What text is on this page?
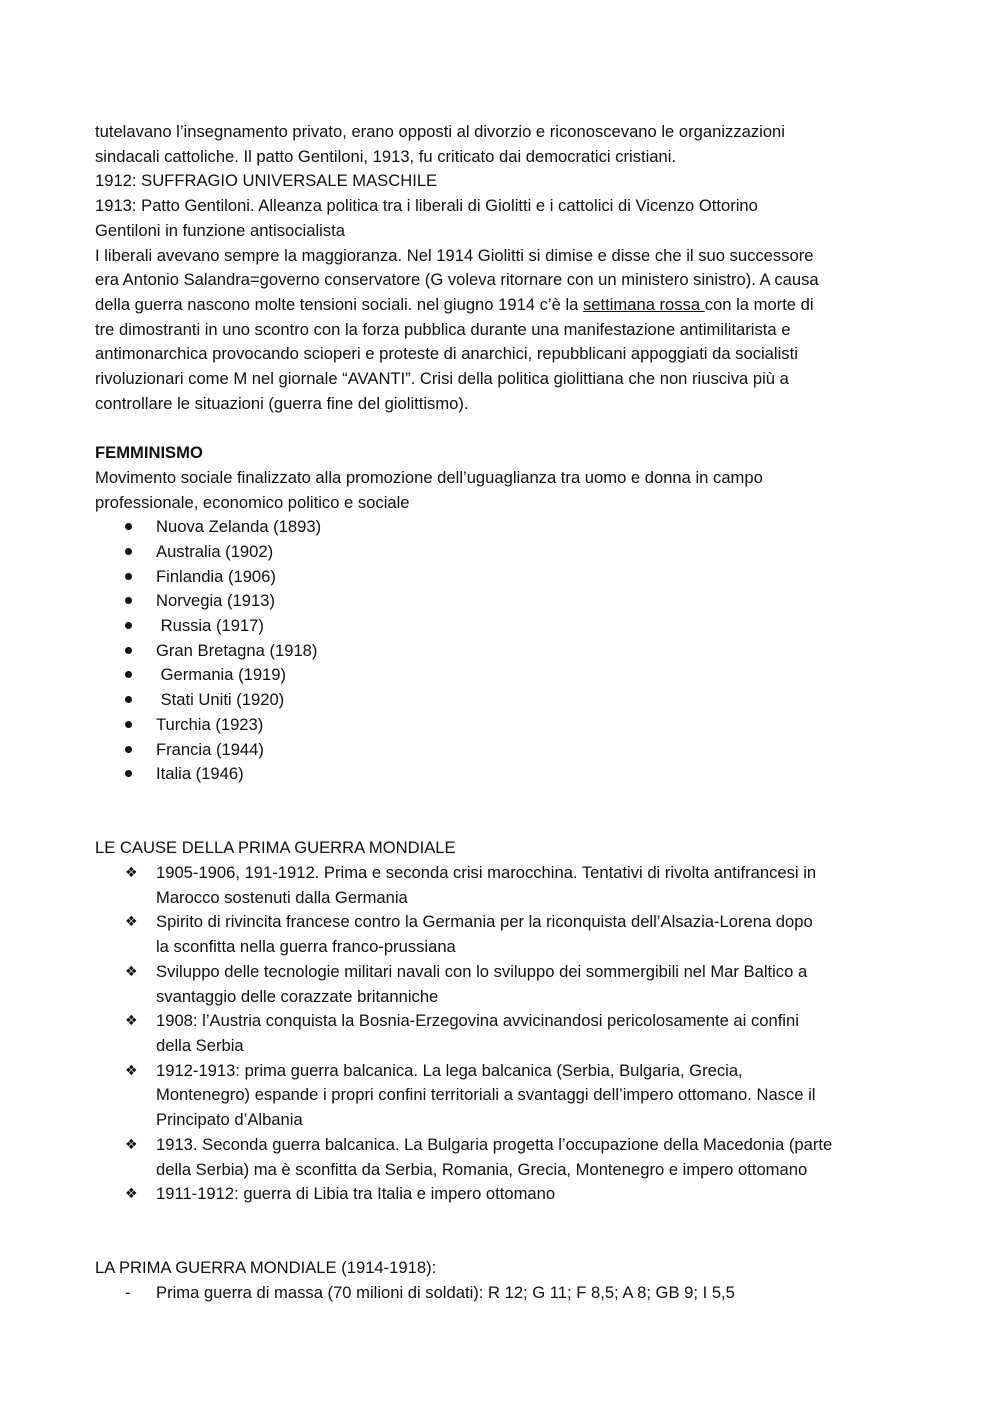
tutelavano l’insegnamento privato, erano opposti al divorzio e riconoscevano le organizzazioni
sindacali cattoliche. Il patto Gentiloni, 1913, fu criticato dai democratici cristiani.
1912: SUFFRAGIO UNIVERSALE MASCHILE
1913: Patto Gentiloni. Alleanza politica tra i liberali di Giolitti e i cattolici di Vicenzo Ottorino
Gentiloni in funzione antisocialista
I liberali avevano sempre la maggioranza. Nel 1914 Giolitti si dimise e disse che il suo successore
era Antonio Salandra=governo conservatore (G voleva ritornare con un ministero sinistro). A causa
della guerra nascono molte tensioni sociali. nel giugno 1914 c’è la settimana rossa con la morte di
tre dimostranti in uno scontro con la forza pubblica durante una manifestazione antimilitarista e
antimonarchica provocando scioperi e proteste di anarchici, repubblicani appoggiati da socialisti
rivoluzionari come M nel giornale “AVANTI”. Crisi della politica giolittiana che non riusciva più a
controllare le situazioni (guerra fine del giolittismo).
FEMMINISMO
Movimento sociale finalizzato alla promozione dell’uguaglianza tra uomo e donna in campo
professionale, economico politico e sociale
Nuova Zelanda (1893)
Australia (1902)
Finlandia (1906)
Norvegia (1913)
Russia (1917)
Gran Bretagna (1918)
Germania (1919)
Stati Uniti (1920)
Turchia (1923)
Francia (1944)
Italia (1946)
LE CAUSE DELLA PRIMA GUERRA MONDIALE
❖	1905-1906, 191-1912. Prima e seconda crisi marocchina. Tentativi di rivolta antifrancesi in
Marocco sostenuti dalla Germania
❖	Spirito di rivincita francese contro la Germania per la riconquista dell’Alsazia-Lorena dopo
la sconfitta nella guerra franco-prussiana
❖	Sviluppo delle tecnologie militari navali con lo sviluppo dei sommergibili nel Mar Baltico a
svantaggio delle corazzate britanniche
❖	1908: l’Austria conquista la Bosnia-Erzegovina avvicinandosi pericolosamente ai confini
della Serbia
❖	1912-1913: prima guerra balcanica. La lega balcanica (Serbia, Bulgaria, Grecia,
Montenegro) espande i propri confini territoriali a svantaggi dell’impero ottomano. Nasce il
Principato d’Albania
❖	1913. Seconda guerra balcanica. La Bulgaria progetta l’occupazione della Macedonia (parte
della Serbia) ma è sconfitta da Serbia, Romania, Grecia, Montenegro e impero ottomano
❖	1911-1912: guerra di Libia tra Italia e impero ottomano
LA PRIMA GUERRA MONDIALE (1914-1918):
-	Prima guerra di massa (70 milioni di soldati): R 12; G 11; F 8,5; A 8; GB 9; I 5,5
